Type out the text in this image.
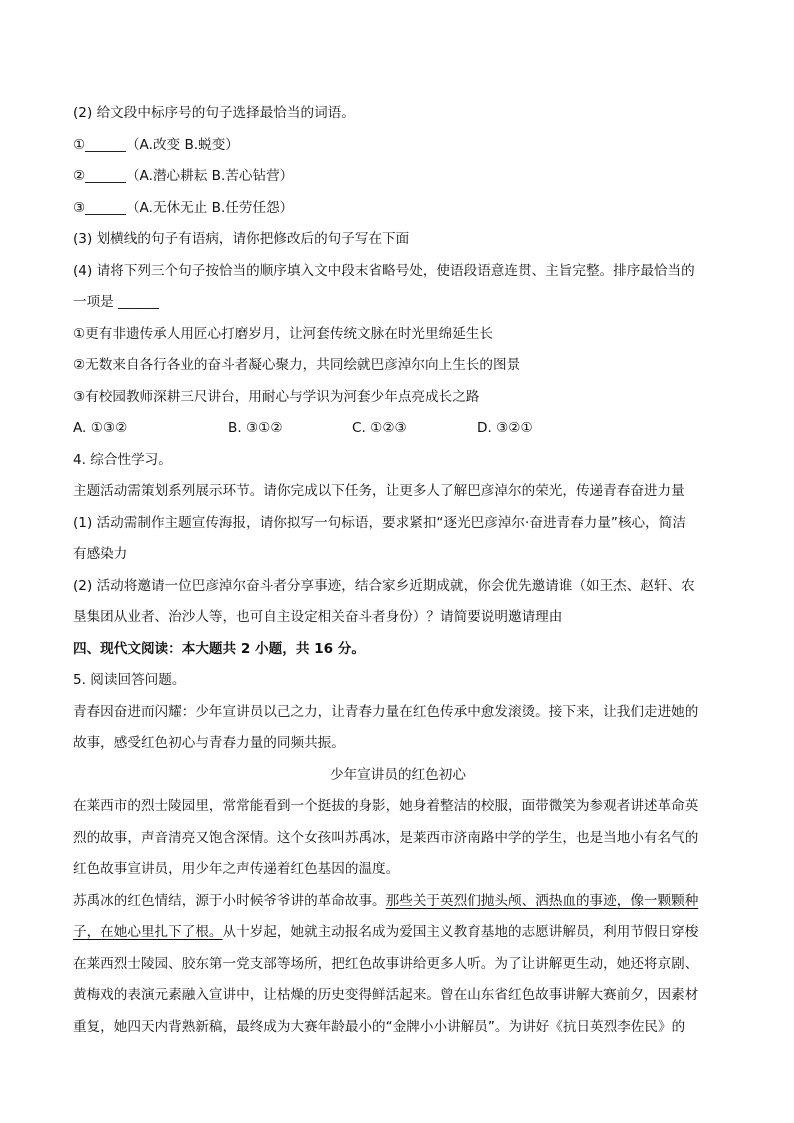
(2) 给文段中标序号的句子选择最恰当的词语。
①______（A.改变 B.蜕变）
②______（A.潜心耕耘 B.苦心钻营）
③______（A.无休无止 B.任劳任怨）
(3) 划横线的句子有语病，请你把修改后的句子写在下面
(4) 请将下列三个句子按恰当的顺序填入文中段末省略号处，使语段语意连贯、主旨完整。排序最恰当的
一项是 ______
①更有非遗传承人用匠心打磨岁月，让河套传统文脉在时光里绵延生长
②无数来自各行各业的奋斗者凝心聚力，共同绘就巴彦淖尔向上生长的图景
③有校园教师深耕三尺讲台，用耐心与学识为河套少年点亮成长之路
A. ①③②	B. ③①②	C. ①②③	D. ③②①
4. 综合性学习。
主题活动需策划系列展示环节。请你完成以下任务，让更多人了解巴彦淖尔的荣光，传递青春奋进力量
(1) 活动需制作主题宣传海报，请你拟写一句标语，要求紧扣“逐光巴彦淖尔·奋进青春力量”核心，简洁
有感染力
(2) 活动将邀请一位巴彦淖尔奋斗者分享事迹，结合家乡近期成就，你会优先邀请谁（如王杰、赵轩、农
垦集团从业者、治沙人等，也可自主设定相关奋斗者身份）？请简要说明邀请理由
四、现代文阅读：本大题共 2 小题，共 16 分。
5. 阅读回答问题。
青春因奋进而闪耀：少年宣讲员以己之力，让青春力量在红色传承中愈发滚烫。接下来，让我们走进她的
故事，感受红色初心与青春力量的同频共振。
少年宣讲员的红色初心
在莱西市的烈士陵园里，常常能看到一个挺拔的身影，她身着整洁的校服，面带微笑为参观者讲述革命英
烈的故事，声音清亮又饱含深情。这个女孩叫苏禹冰，是莱西市济南路中学的学生，也是当地小有名气的
红色故事宣讲员，用少年之声传递着红色基因的温度。
苏禹冰的红色情结，源于小时候爷爷讲的革命故事。那些关于英烈们抛头颅、洒热血的事迹，像一颗颗种
子，在她心里扎下了根。从十岁起，她就主动报名成为爱国主义教育基地的志愿讲解员，利用节假日穿梭
在莱西烈士陵园、胶东第一党支部等场所，把红色故事讲给更多人听。为了让讲解更生动，她还将京剧、
黄梅戏的表演元素融入宣讲中，让枯燥的历史变得鲜活起来。曾在山东省红色故事讲解大赛前夕，因素材
重复，她四天内背熟新稿，最终成为大赛年龄最小的“金牌小小讲解员”。为讲好《抗日英烈李佐民》的
